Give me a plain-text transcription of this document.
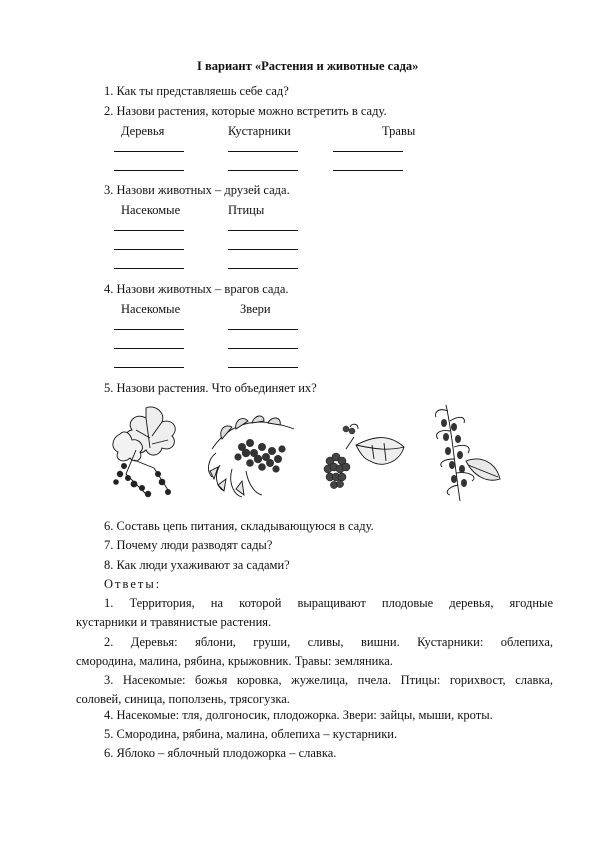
I вариант «Растения и животные сада»
1. Как ты представляешь себе сад?
2. Назови растения, которые можно встретить в саду.
Деревья	Кустарники	Травы
3. Назови животных – друзей сада.
Насекомые	Птицы
4. Назови животных – врагов сада.
Насекомые	Звери
5. Назови растения. Что объединяет их?
6. Составь цепь питания, складывающуюся в саду.
7. Почему люди разводят сады?
8. Как люди ухаживают за садами?
Ответы:
1. Территория, на которой выращивают плодовые деревья, ягодные
кустарники и травянистые растения.
2. Деревья: яблони, груши, сливы, вишни. Кустарники: облепиха,
смородина, малина, рябина, крыжовник. Травы: земляника.
3. Насекомые: божья коровка, жужелица, пчела. Птицы: горихвост, славка,
соловей, синица, поползень, трясогузка.
4. Насекомые: тля, долгоносик, плодожорка. Звери: зайцы, мыши, кроты.
5. Смородина, рябина, малина, облепиха – кустарники.
6. Яблоко – яблочный плодожорка – славка.
